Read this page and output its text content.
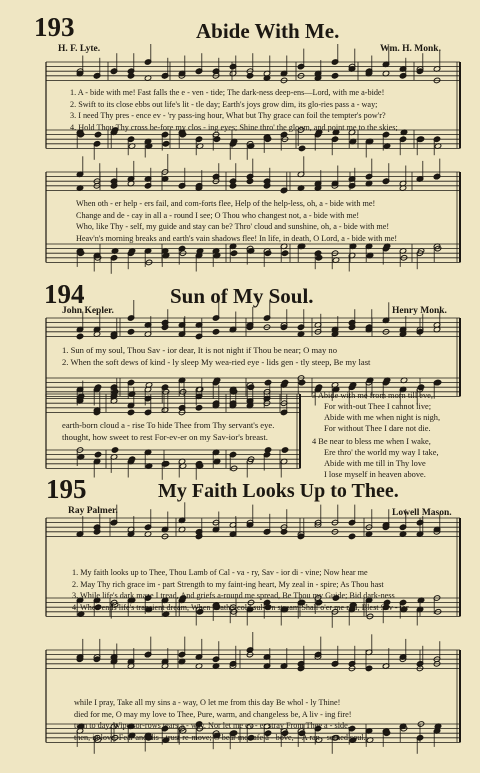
193	Abide With Me.
H. F. Lyte.	Wm. H. Monk.
1. A - bide with me! Fast falls the e - ven - tide; The dark-ness deep-ens—Lord, with me a-bide!
2. Swift to its close ebbs out life's lit - tle day; Earth's joys grow dim, its glo-ries pass a - way;
3. I need Thy pres - ence ev - 'ry pass-ing hour, What but Thy grace can foil the tempter's pow'r?
4. Hold Thou Thy cross be-fore my clos - ing eyes; Shine thro' the gloom, and point me to the skies;
When oth - er help - ers fail, and com-forts flee, Help of the help-less, oh, a - bide with me!
Change and de - cay in all a - round I see; O Thou who changest not, a - bide with me!
Who, like Thy - self, my guide and stay can be? Thro' cloud and sunshine, oh, a - bide with me!
Heav'n's morning breaks and earth's vain shadows flee! In life, in death, O Lord, a - bide with me!
194	Sun of My Soul.
John Kepler.	Henry Monk.
1. Sun of my soul, Thou Sav - ior dear, It is not night if Thou be near; O may no
2. When the soft dews of kind - ly sleep My wea-ried eye - lids gen - tly steep, Be my last
earth-born cloud a - rise To hide Thee from Thy servant's eye.
thought, how sweet to rest For-ev-er on my Sav-ior's breast.
3 Abide with me from morn till eve,
For with-out Thee I cannot live;
Abide with me when night is nigh,
For without Thee I dare not die.
4 Be near to bless me when I wake,
Ere thro' the world my way I take,
Abide with me till in Thy love
I lose myself in heaven above.
195	My Faith Looks Up to Thee.
Ray Palmer.	Lowell Mason.
1. My faith looks up to Thee, Thou Lamb of Cal - va - ry, Sav - ior di - vine; Now hear me
2. May Thy rich grace im - part Strength to my faint-ing heart, My zeal in - spire; As Thou hast
3. While life's dark maze I tread, And griefs a-round me spread, Be Thou my Guide; Bid dark-ness
4. When ends life's transient dream, When death's cold sul-len stream Shall o'er me roll, Blest Sav - ior
while I pray, Take all my sins a - way, O let me from this day Be whol - ly Thine!
died for me, O may my love to Thee, Pure, warm, and changeless be, A liv - ing fire!
turn to day, Wipe sor-rows tears a - way, Nor let me ev - er stray From Thee a - side.
then, in love, Fear and dis - trust re-move; O bear me safe a - bove,—A ran - somed soul.
